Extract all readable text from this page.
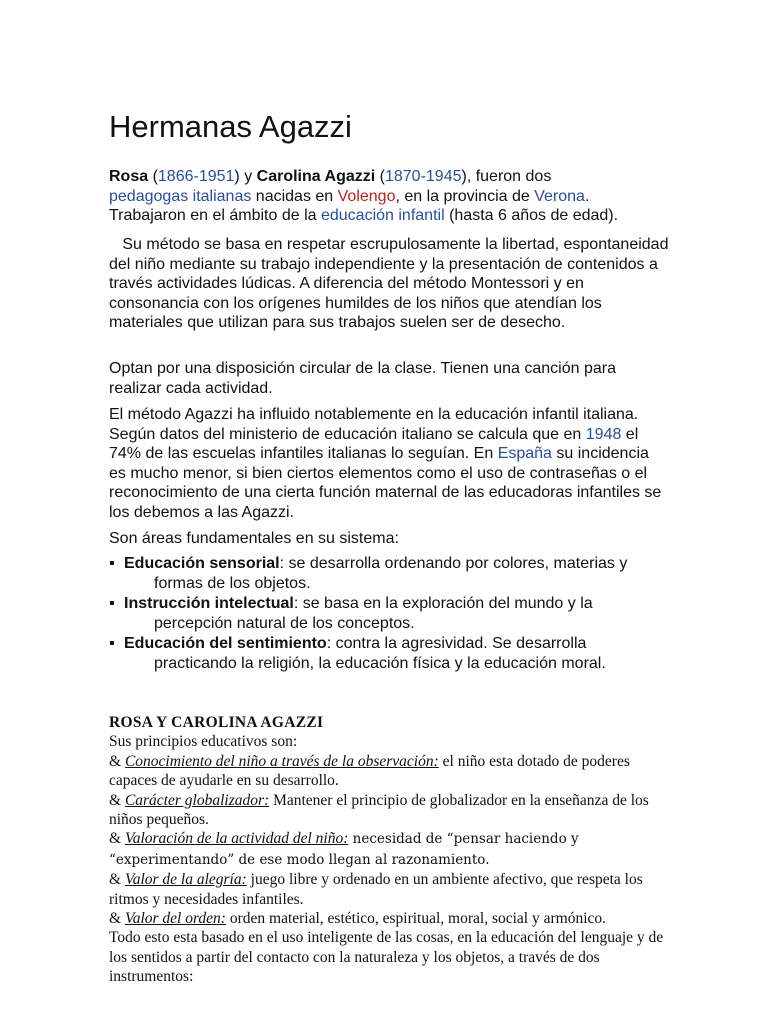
Hermanas Agazzi

Rosa (1866-1951) y Carolina Agazzi (1870-1945), fueron dos
pedagogas italianas nacidas en Volengo, en la provincia de Verona.
Trabajaron en el ámbito de la educación infantil (hasta 6 años de edad).

Su método se basa en respetar escrupulosamente la libertad, espontaneidad del niño mediante su trabajo independiente y la presentación de contenidos a través actividades lúdicas. A diferencia del método Montessori y en consonancia con los orígenes humildes de los niños que atendían los materiales que utilizan para sus trabajos suelen ser de desecho.

Optan por una disposición circular de la clase. Tienen una canción para realizar cada actividad.

El método Agazzi ha influido notablemente en la educación infantil italiana. Según datos del ministerio de educación italiano se calcula que en 1948 el 74% de las escuelas infantiles italianas lo seguían. En España su incidencia es mucho menor, si bien ciertos elementos como el uso de contraseñas o el reconocimiento de una cierta función maternal de las educadoras infantiles se los debemos a las Agazzi.

Son áreas fundamentales en su sistema:

▪ Educación sensorial: se desarrolla ordenando por colores, materias y
formas de los objetos.
▪ Instrucción intelectual: se basa en la exploración del mundo y la
percepción natural de los conceptos.
▪ Educación del sentimiento: contra la agresividad. Se desarrolla
practicando la religión, la educación física y la educación moral.
ROSA Y CAROLINA AGAZZI
Sus principios educativos son:
& Conocimiento del niño a través de la observación: el niño esta dotado de poderes capaces de ayudarle en su desarrollo.
& Carácter globalizador: Mantener el principio de globalizador en la enseñanza de los niños pequeños.
& Valoración de la actividad del niño: necesidad de “pensar haciendo y “experimentando” de ese modo llegan al razonamiento.
& Valor de la alegría: juego libre y ordenado en un ambiente afectivo, que respeta los ritmos y necesidades infantiles.
& Valor del orden: orden material, estético, espiritual, moral, social y armónico.
Todo esto esta basado en el uso inteligente de las cosas, en la educación del lenguaje y de los sentidos a partir del contacto con la naturaleza y los objetos, a través de dos instrumentos:
